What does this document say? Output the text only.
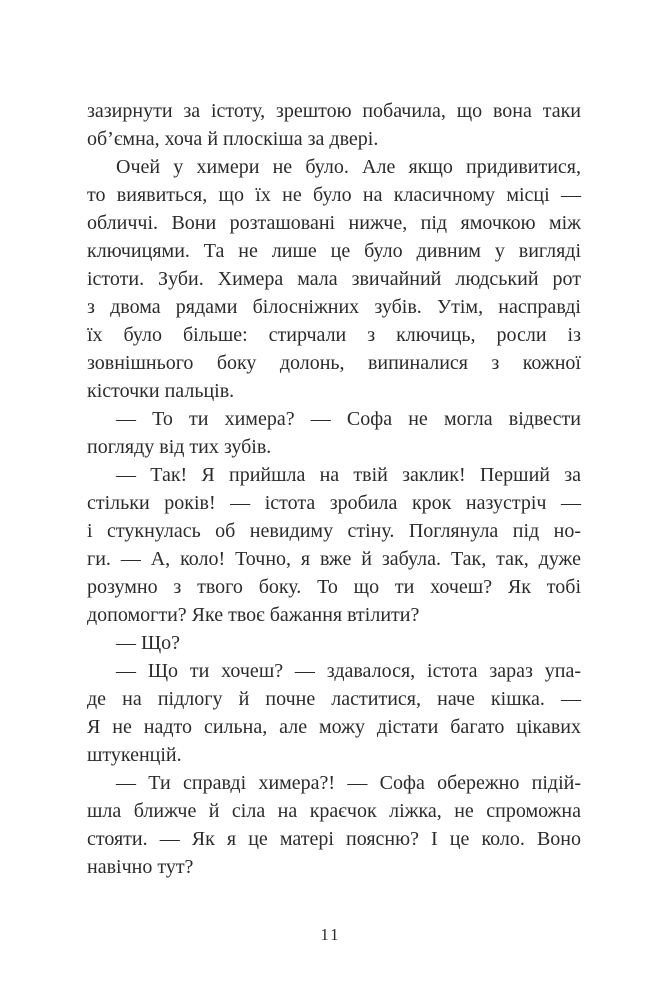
зазирнути за істоту, зрештою побачила, що вона таки
об’ємна, хоча й плоскіша за двері.
Очей у химери не було. Але якщо придивитися,
то виявиться, що їх не було на класичному місці —
обличчі. Вони розташовані нижче, під ямочкою між
ключицями. Та не лише це було дивним у вигляді
істоти. Зуби. Химера мала звичайний людський рот
з двома рядами білосніжних зубів. Утім, насправді
їх було більше: стирчали з ключиць, росли із
зовнішнього боку долонь, випиналися з кожної
кісточки пальців.
— То ти химера? — Софа не могла відвести
погляду від тих зубів.
— Так! Я прийшла на твій заклик! Перший за
стільки років! — істота зробила крок назустріч —
і стукнулась об невидиму стіну. Поглянула під но-
ги. — А, коло! Точно, я вже й забула. Так, так, дуже
розумно з твого боку. То що ти хочеш? Як тобі
допомогти? Яке твоє бажання втілити?
— Що?
— Що ти хочеш? — здавалося, істота зараз упа-
де на підлогу й почне ластитися, наче кішка. —
Я не надто сильна, але можу дістати багато цікавих
штукенцій.
— Ти справді химера?! — Софа обережно підій-
шла ближче й сіла на краєчок ліжка, не спроможна
стояти. — Як я це матері поясню? І це коло. Воно
навічно тут?
11
